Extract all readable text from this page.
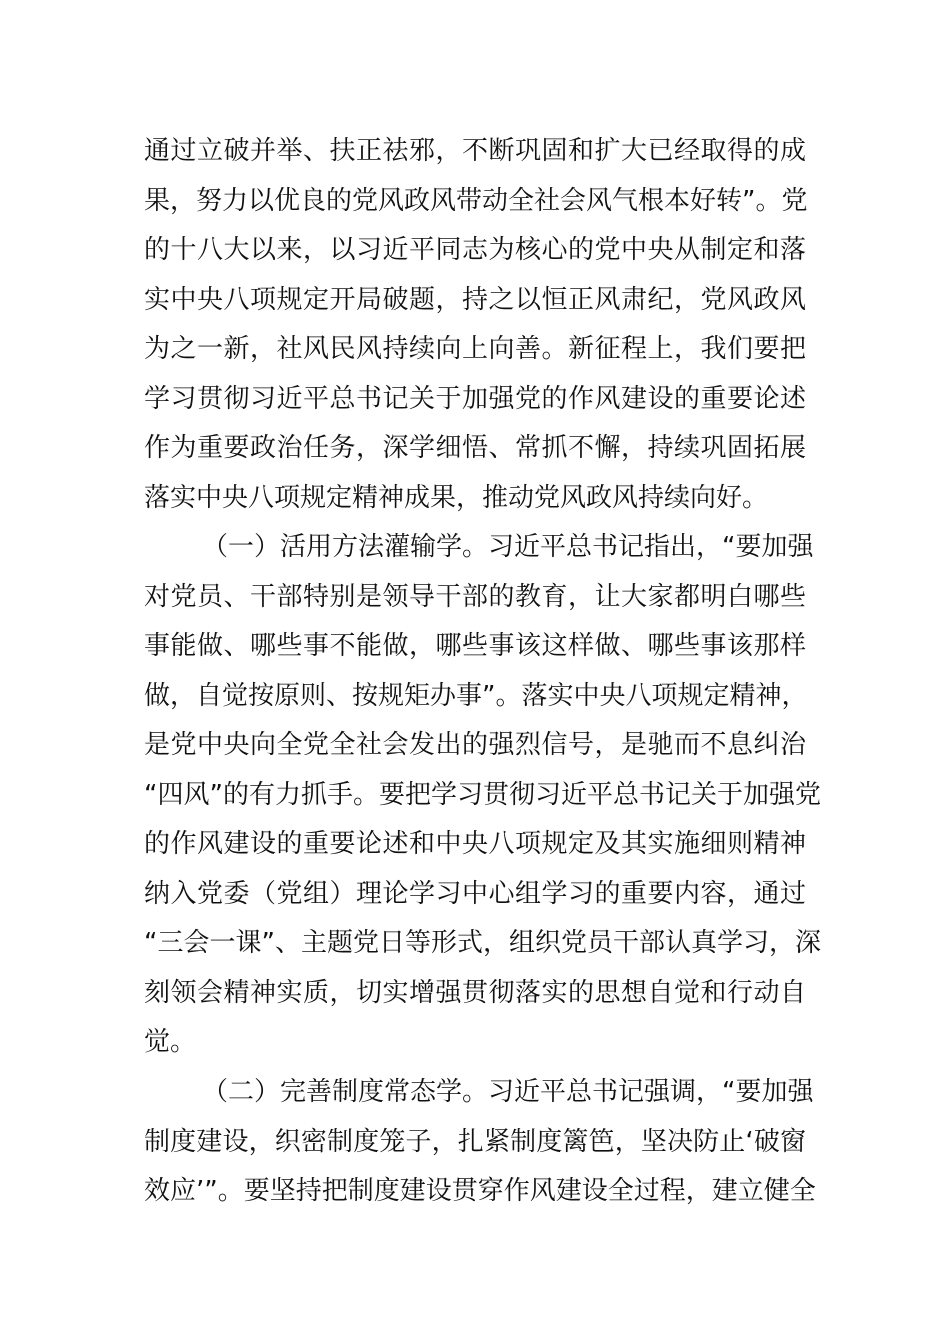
通过立破并举、扶正祛邪，不断巩固和扩大已经取得的成
果，努力以优良的党风政风带动全社会风气根本好转”。党
的十八大以来，以习近平同志为核心的党中央从制定和落
实中央八项规定开局破题，持之以恒正风肃纪，党风政风
为之一新，社风民风持续向上向善。新征程上，我们要把
学习贯彻习近平总书记关于加强党的作风建设的重要论述
作为重要政治任务，深学细悟、常抓不懈，持续巩固拓展
落实中央八项规定精神成果，推动党风政风持续向好。
（一）活用方法灌输学。习近平总书记指出，“要加强
对党员、干部特别是领导干部的教育，让大家都明白哪些
事能做、哪些事不能做，哪些事该这样做、哪些事该那样
做，自觉按原则、按规矩办事”。落实中央八项规定精神，
是党中央向全党全社会发出的强烈信号，是驰而不息纠治
“四风”的有力抓手。要把学习贯彻习近平总书记关于加强党
的作风建设的重要论述和中央八项规定及其实施细则精神
纳入党委（党组）理论学习中心组学习的重要内容，通过
“三会一课”、主题党日等形式，组织党员干部认真学习，深
刻领会精神实质，切实增强贯彻落实的思想自觉和行动自
觉。
（二）完善制度常态学。习近平总书记强调，“要加强
制度建设，织密制度笼子，扎紧制度篱笆，坚决防止‘破窗
效应’”。要坚持把制度建设贯穿作风建设全过程，建立健全
